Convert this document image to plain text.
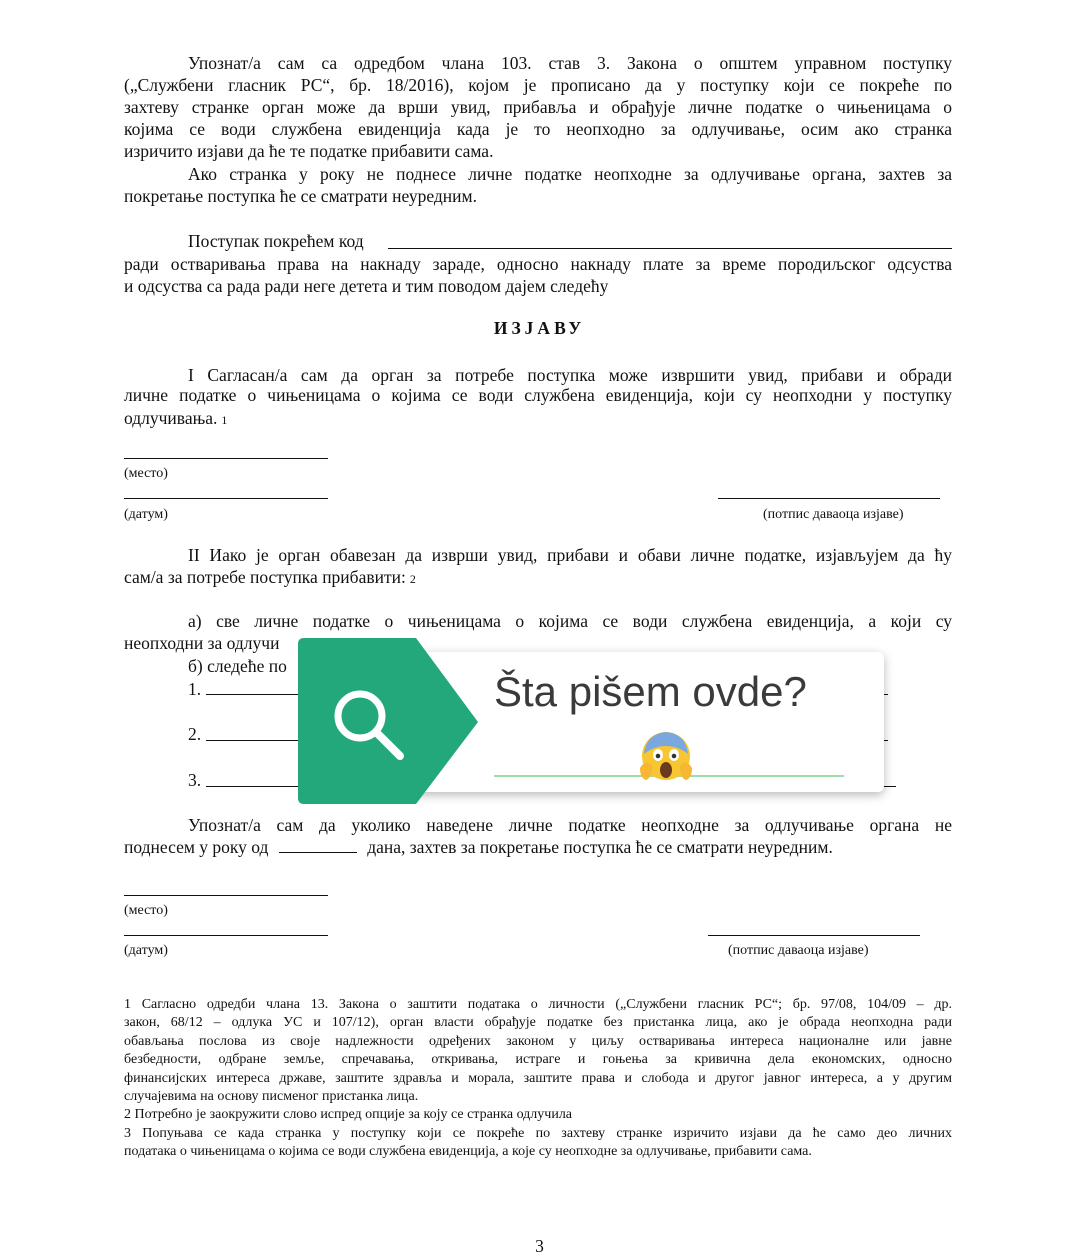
Упознат/а сам са одредбом члана 103. став 3. Закона о општем управном поступку
(„Службени гласник РС“, бр. 18/2016), којом је прописано да у поступку који се покреће по
захтеву странке орган може да врши увид, прибавља и обрађује личне податке о чињеницама о
којима се води службена евиденција када је то неопходно за одлучивање, осим ако странка
изричито изјави да ће те податке прибавити сама.
Ако странка у року не поднесе личне податке неопходне за одлучивање органа, захтев за
покретање поступка ће се сматрати неуредним.
Поступак покрећем код
ради остваривања права на накнаду зараде, односно накнаду плате за време породиљског одсуства
и одсуства са рада ради неге детета и тим поводом дајем следећу
ИЗЈАВУ
I Сагласан/а сам да орган за потребе поступка може извршити увид, прибави и обради
личне податке о чињеницама о којима се води службена евиденција, који су неопходни у поступку
одлучивања. 1
(место)
(датум)	(потпис даваоца изјаве)
II Иако је орган обавезан да изврши увид, прибави и обави личне податке, изјављујем да ћу
сам/а за потребе поступка прибавити: 2
а) све личне податке о чињеницама о којима се води службена евиденција, а који су
неопходни за одлучи
б) следеће по
1.
2.
3.
Упознат/а сам да уколико наведене личне податке неопходне за одлучивање органа не
поднесем у року од	дана, захтев за покретање поступка ће се сматрати неуредним.
(место)
(датум)	(потпис даваоца изјаве)
1 Сагласно одредби члана 13. Закона о заштити података о личности („Службени гласник РС“; бр. 97/08, 104/09 – др.
закон, 68/12 – одлука УС и 107/12), орган власти обрађује податке без пристанка лица, ако је обрада неопходна ради
обављања послова из своје надлежности одређених законом у циљу остваривања интереса националне или јавне
безбедности, одбране земље, спречавања, откривања, истраге и гоњења за кривична дела економских, односно
финансијских интереса државе, заштите здравља и морала, заштите права и слобода и другог јавног интереса, а у другим
случајевима на основу писменог пристанка лица.
2 Потребно је заокружити слово испред опције за коју се странка одлучила
3 Попуњава се када странка у поступку који се покреће по захтеву странке изричито изјави да ће само део личних
података о чињеницама о којима се води службена евиденција, а које су неопходне за одлучивање, прибавити сама.
3
Šta pišem ovde?
